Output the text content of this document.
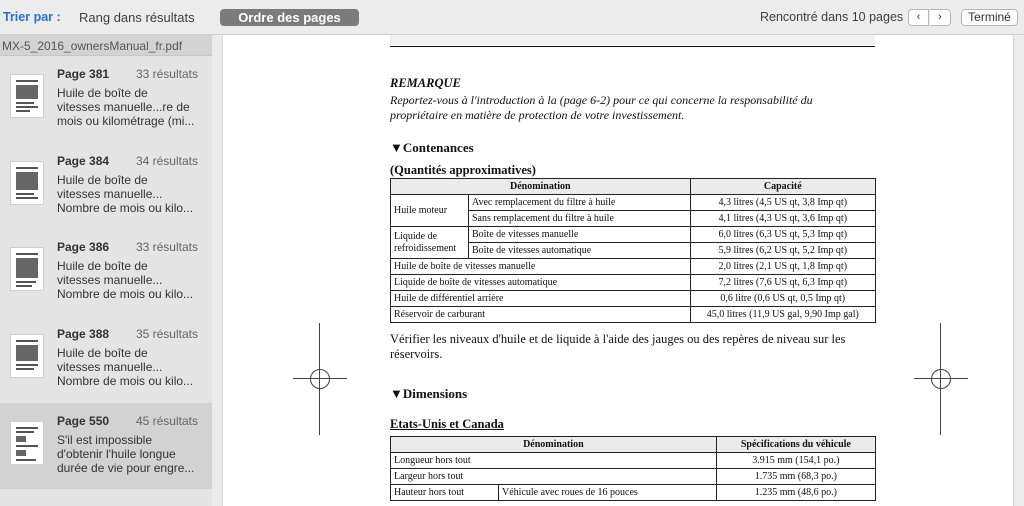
Trier par :	Rang dans résultats	Ordre des pages	Rencontré dans 10 pages	‹	›	Terminé
MX-5_2016_ownersManual_fr.pdf
Page 381 33 résultats
Huile de boîte de
vitesses manuelle...re de
mois ou kilométrage (mi...
Page 384 34 résultats
Huile de boîte de
vitesses manuelle...
Nombre de mois ou kilo...
Page 386 33 résultats
Huile de boîte de
vitesses manuelle...
Nombre de mois ou kilo...
Page 388 35 résultats
Huile de boîte de
vitesses manuelle...
Nombre de mois ou kilo...
Page 550 45 résultats
S'il est impossible
d'obtenir l'huile longue
durée de vie pour engre...
REMARQUE
Reportez-vous à l'introduction à la (page 6-2) pour ce qui concerne la responsabilité du
propriétaire en matière de protection de votre investissement.
▼Contenances
(Quantités approximatives)
Dénomination		Capacité
Huile moteur	Avec remplacement du filtre à huile	4,3 litres (4,5 US qt, 3,8 Imp qt)
	Sans remplacement du filtre à huile	4,1 litres (4,3 US qt, 3,6 Imp qt)
Liquide de refroidissement	Boîte de vitesses manuelle	6,0 litres (6,3 US qt, 5,3 Imp qt)
	Boîte de vitesses automatique	5,9 litres (6,2 US qt, 5,2 Imp qt)
Huile de boîte de vitesses manuelle		2,0 litres (2,1 US qt, 1,8 Imp qt)
Liquide de boîte de vitesses automatique		7,2 litres (7,6 US qt, 6,3 Imp qt)
Huile de différentiel arrière		0,6 litre (0,6 US qt, 0,5 Imp qt)
Réservoir de carburant		45,0 litres (11,9 US gal, 9,90 Imp gal)
Vérifier les niveaux d'huile et de liquide à l'aide des jauges ou des repères de niveau sur les réservoirs.
▼Dimensions
Etats-Unis et Canada
Dénomination		Spécifications du véhicule
Longueur hors tout		3.915 mm (154,1 po.)
Largeur hors tout		1.735 mm (68,3 po.)
Hauteur hors tout	Véhicule avec roues de 16 pouces	1.235 mm (48,6 po.)
